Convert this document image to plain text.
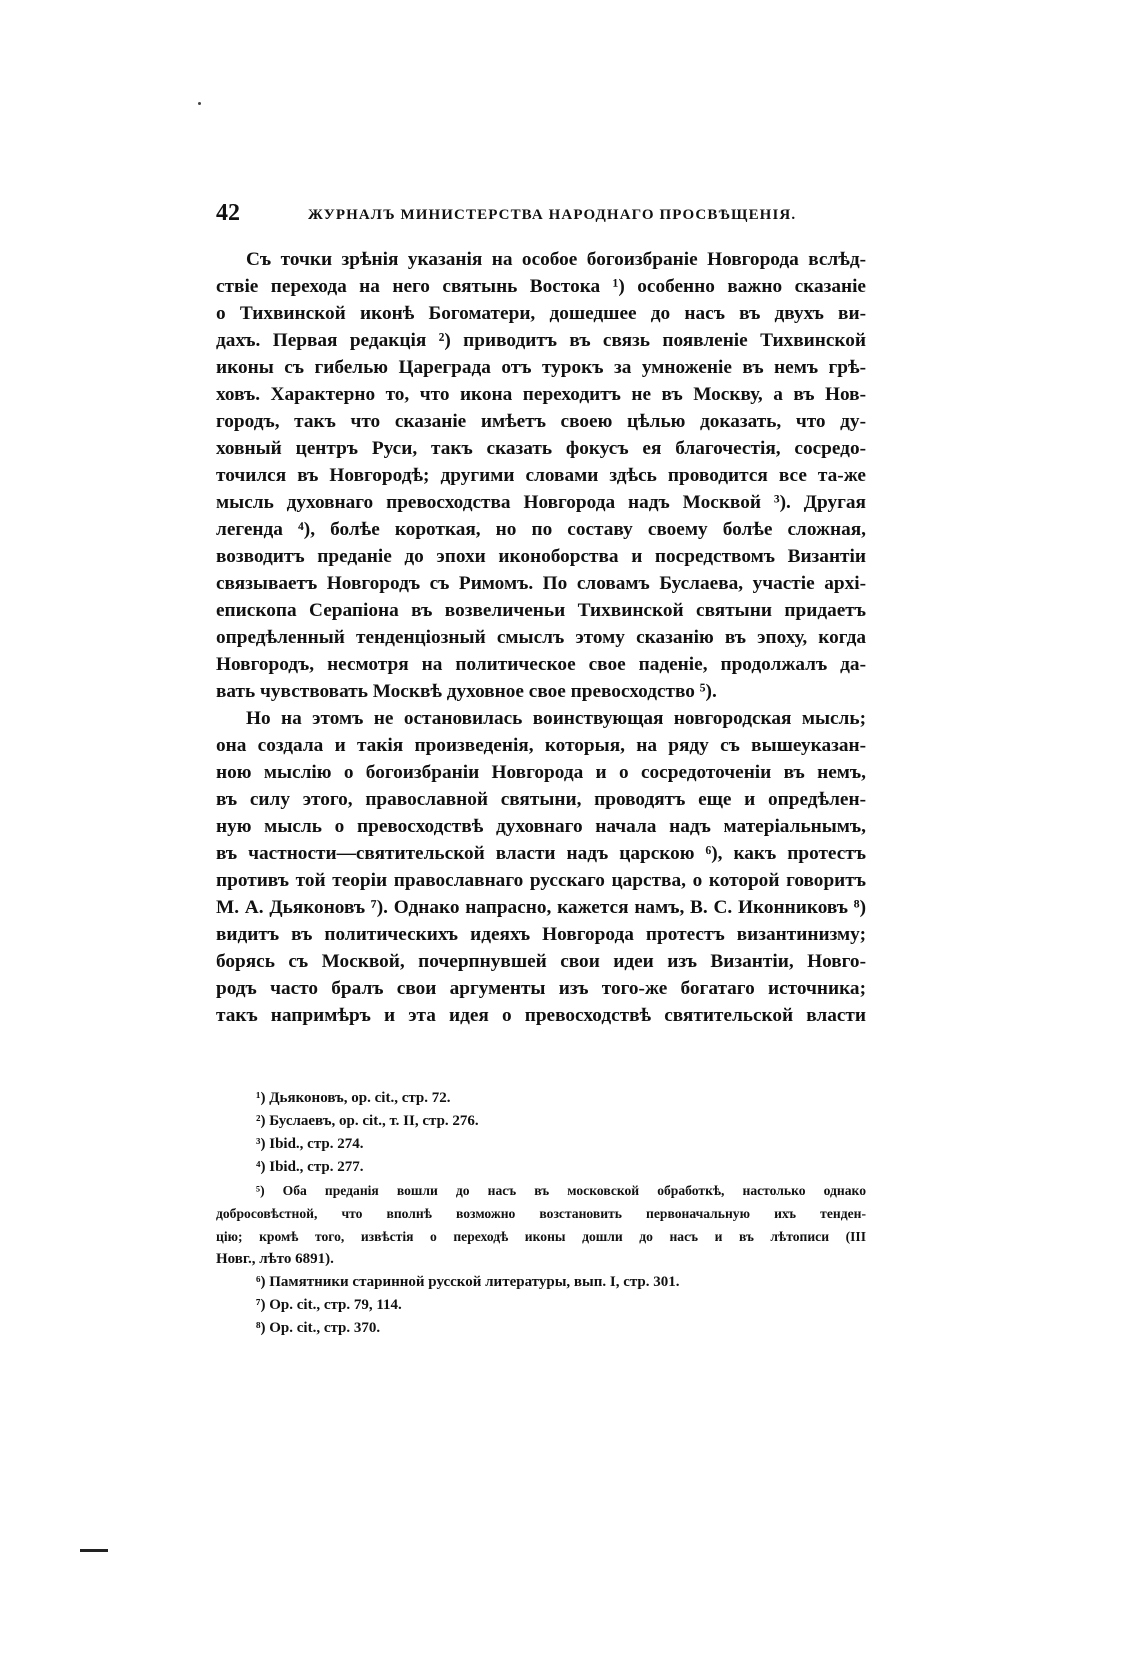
42	ЖУРНАЛЪ МИНИСТЕРСТВА НАРОДНАГО ПРОСВѢЩЕНІЯ.
Съ точки зрѣнія указанія на особое богоизбраніе Новгорода вслѣд-
ствіе перехода на него святынь Востока ¹) особенно важно сказаніе
о Тихвинской иконѣ Богоматери, дошедшее до насъ въ двухъ ви-
дахъ. Первая редакція ²) приводитъ въ связь появленіе Тихвинской
иконы съ гибелью Цареграда отъ турокъ за умноженіе въ немъ грѣ-
ховъ. Характерно то, что икона переходитъ не въ Москву, а въ Нов-
городъ, такъ что сказаніе имѣетъ своею цѣлью доказать, что ду-
ховный центръ Руси, такъ сказать фокусъ ея благочестія, сосредо-
точился въ Новгородѣ; другими словами здѣсь проводится все та-же
мысль духовнаго превосходства Новгорода надъ Москвой ³). Другая
легенда ⁴), болѣе короткая, но по составу своему болѣе сложная,
возводитъ преданіе до эпохи иконоборства и посредствомъ Византіи
связываетъ Новгородъ съ Римомъ. По словамъ Буслаева, участіе архі-
епископа Серапіона въ возвеличеньи Тихвинской святыни придаетъ
опредѣленный тенденціозный смыслъ этому сказанію въ эпоху, когда
Новгородъ, несмотря на политическое свое паденіе, продолжалъ да-
вать чувствовать Москвѣ духовное свое превосходство ⁵).
Но на этомъ не остановилась воинствующая новгородская мысль;
она создала и такія произведенія, которыя, на ряду съ вышеуказан-
ною мыслію о богоизбраніи Новгорода и о сосредоточеніи въ немъ,
въ силу этого, православной святыни, проводятъ еще и опредѣлен-
ную мысль о превосходствѣ духовнаго начала надъ матеріальнымъ,
въ частности—святительской власти надъ царскою ⁶), какъ протестъ
противъ той теоріи православнаго русскаго царства, о которой говоритъ
М. А. Дьяконовъ ⁷). Однако напрасно, кажется намъ, В. С. Иконниковъ ⁸)
видитъ въ политическихъ идеяхъ Новгорода протестъ византинизму;
борясь съ Москвой, почерпнувшей свои идеи изъ Византіи, Новго-
родъ часто бралъ свои аргументы изъ того-же богатаго источника;
такъ напримѣръ и эта идея о превосходствѣ святительской власти
¹) Дьяконовъ, op. cit., стр. 72.
²) Буслаевъ, op. cit., т. II, стр. 276.
³) Ibid., стр. 274.
⁴) Ibid., стр. 277.
⁵) Оба преданія вошли до насъ въ московской обработкѣ, настолько однако
добросовѣстной, что вполнѣ возможно возстановить первоначальную ихъ тенден-
цію; кромѣ того, извѣстія о переходѣ иконы дошли до насъ и въ лѣтописи (III
Новг., лѣто 6891).
⁶) Памятники старинной русской литературы, вып. I, стр. 301.
⁷) Op. cit., стр. 79, 114.
⁸) Op. cit., стр. 370.
